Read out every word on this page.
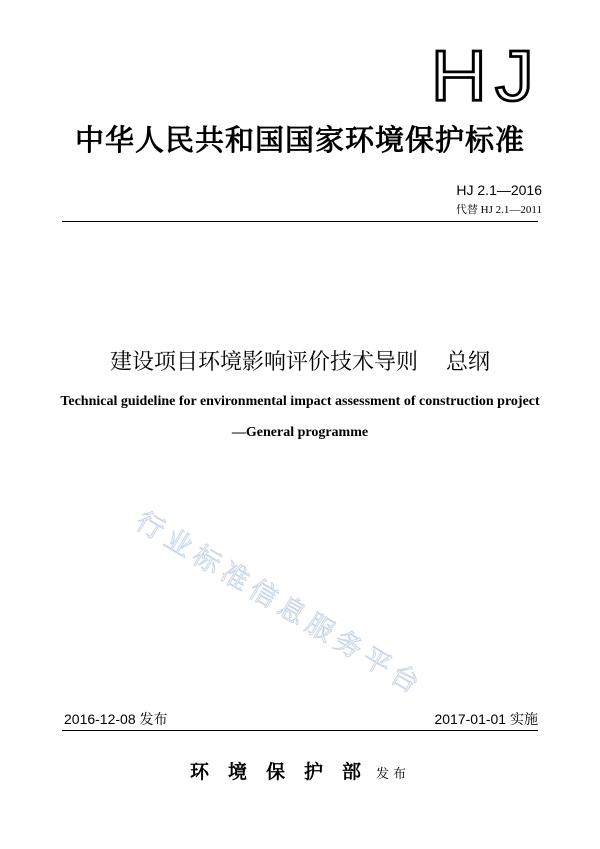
HJ
中华人民共和国国家环境保护标准
HJ 2.1—2016
代替 HJ 2.1—2011
建设项目环境影响评价技术导则    总纲
Technical guideline for environmental impact assessment of construction project
—General programme
行业标准信息服务平台
2016-12-08 发布	2017-01-01 实施
环境保护部发布
